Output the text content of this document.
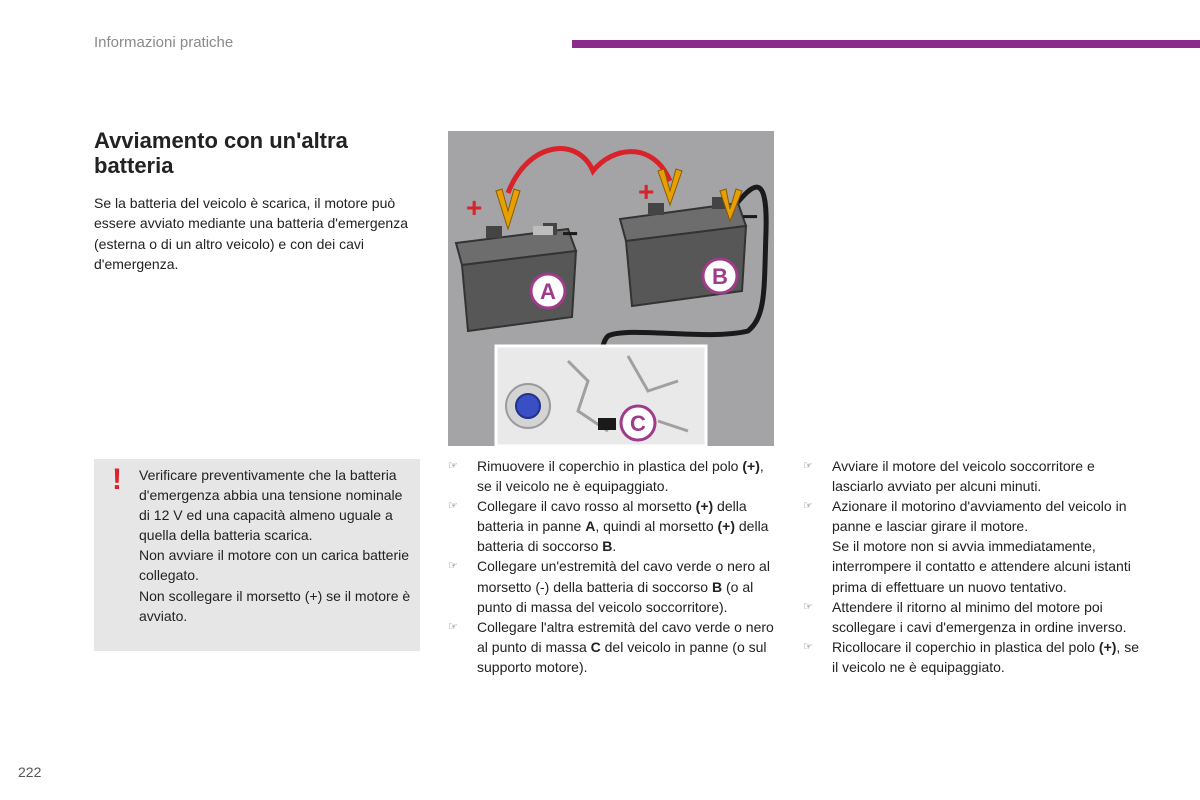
Informazioni pratiche
Avviamento con un'altra batteria
Se la batteria del veicolo è scarica, il motore può essere avviato mediante una batteria d'emergenza (esterna o di un altro veicolo) e con dei cavi d'emergenza.
+
+
−
−
A
B
C
! Verificare preventivamente che la batteria d'emergenza abbia una tensione nominale di 12 V ed una capacità almeno uguale a quella della batteria scarica.
Non avviare il motore con un carica batterie collegato.
Non scollegare il morsetto (+) se il motore è avviato.
☞ Rimuovere il coperchio in plastica del polo (+), se il veicolo ne è equipaggiato.
☞ Collegare il cavo rosso al morsetto (+) della batteria in panne A, quindi al morsetto (+) della batteria di soccorso B.
☞ Collegare un'estremità del cavo verde o nero al morsetto (-) della batteria di soccorso B (o al punto di massa del veicolo soccorritore).
☞ Collegare l'altra estremità del cavo verde o nero al punto di massa C del veicolo in panne (o sul supporto motore).
☞ Avviare il motore del veicolo soccorritore e lasciarlo avviato per alcuni minuti.
☞ Azionare il motorino d'avviamento del veicolo in panne e lasciar girare il motore.
Se il motore non si avvia immediatamente, interrompere il contatto e attendere alcuni istanti prima di effettuare un nuovo tentativo.
☞ Attendere il ritorno al minimo del motore poi scollegare i cavi d'emergenza in ordine inverso.
☞ Ricollocare il coperchio in plastica del polo (+), se il veicolo ne è equipaggiato.
222
